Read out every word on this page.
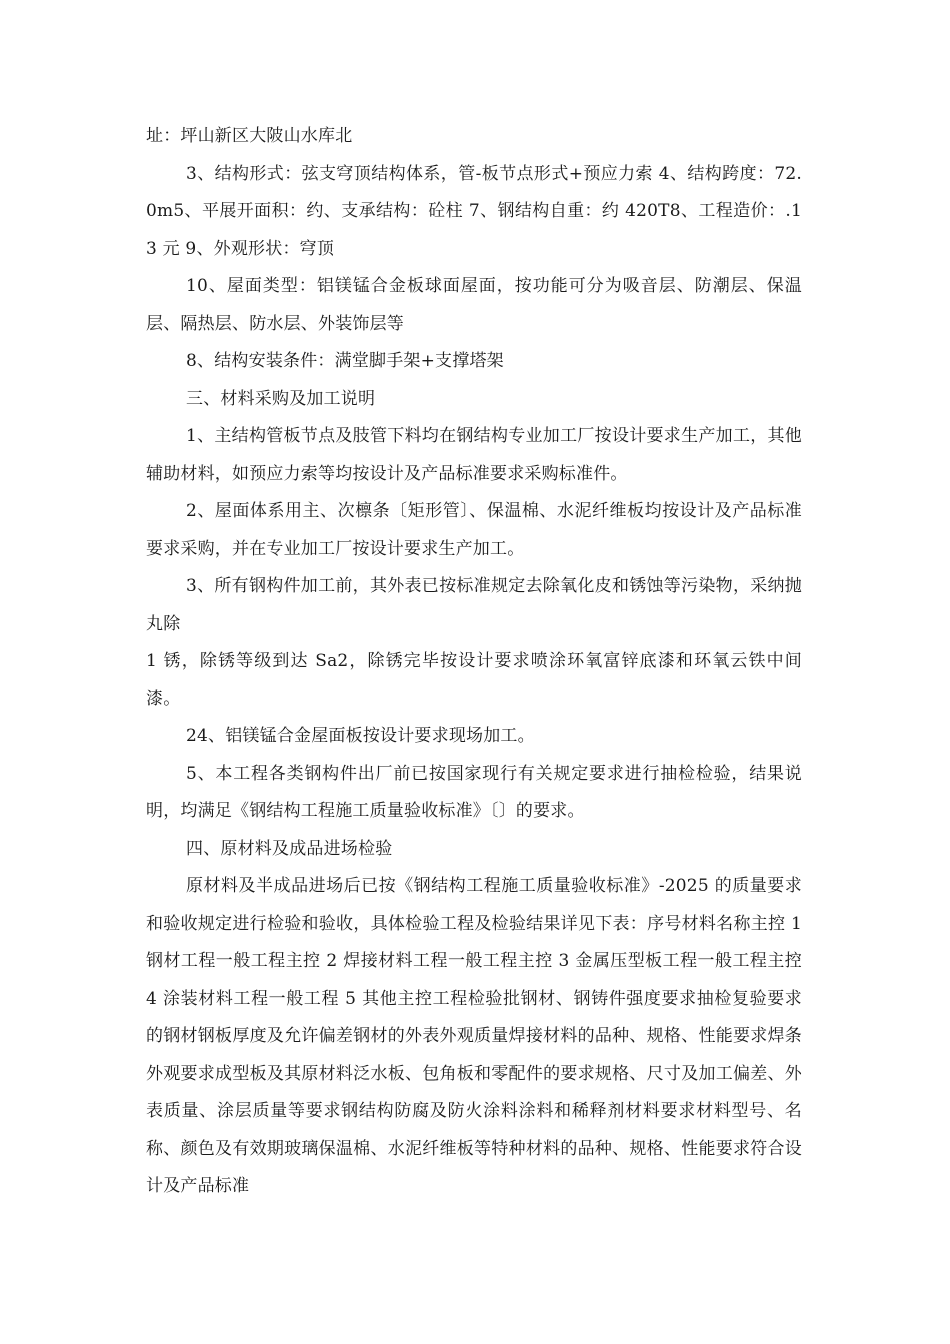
址：坪山新区大陂山水库北

3、结构形式：弦支穹顶结构体系，管-板节点形式+预应力索 4、结构跨度：72.0m5、平展开面积：约、支承结构：砼柱 7、钢结构自重：约 420T8、工程造价：.13 元 9、外观形状：穹顶

10、屋面类型：铝镁锰合金板球面屋面，按功能可分为吸音层、防潮层、保温层、隔热层、防水层、外装饰层等

8、结构安装条件：满堂脚手架+支撑塔架

三、材料采购及加工说明

1、主结构管板节点及肢管下料均在钢结构专业加工厂按设计要求生产加工，其他辅助材料，如预应力索等均按设计及产品标准要求采购标准件。

2、屋面体系用主、次檩条〔矩形管〕、保温棉、水泥纤维板均按设计及产品标准要求采购，并在专业加工厂按设计要求生产加工。

3、所有钢构件加工前，其外表已按标准规定去除氧化皮和锈蚀等污染物，采纳抛丸除

1 锈，除锈等级到达 Sa2，除锈完毕按设计要求喷涂环氧富锌底漆和环氧云铁中间漆。

24、铝镁锰合金屋面板按设计要求现场加工。

5、本工程各类钢构件出厂前已按国家现行有关规定要求进行抽检检验，结果说明，均满足《钢结构工程施工质量验收标准》〔〕的要求。

四、原材料及成品进场检验

原材料及半成品进场后已按《钢结构工程施工质量验收标准》-2025 的质量要求和验收规定进行检验和验收，具体检验工程及检验结果详见下表：序号材料名称主控 1 钢材工程一般工程主控 2 焊接材料工程一般工程主控 3 金属压型板工程一般工程主控 4 涂装材料工程一般工程 5 其他主控工程检验批钢材、钢铸件强度要求抽检复验要求的钢材钢板厚度及允许偏差钢材的外表外观质量焊接材料的品种、规格、性能要求焊条外观要求成型板及其原材料泛水板、包角板和零配件的要求规格、尺寸及加工偏差、外表质量、涂层质量等要求钢结构防腐及防火涂料涂料和稀释剂材料要求材料型号、名称、颜色及有效期玻璃保温棉、水泥纤维板等特种材料的品种、规格、性能要求符合设计及产品标准
